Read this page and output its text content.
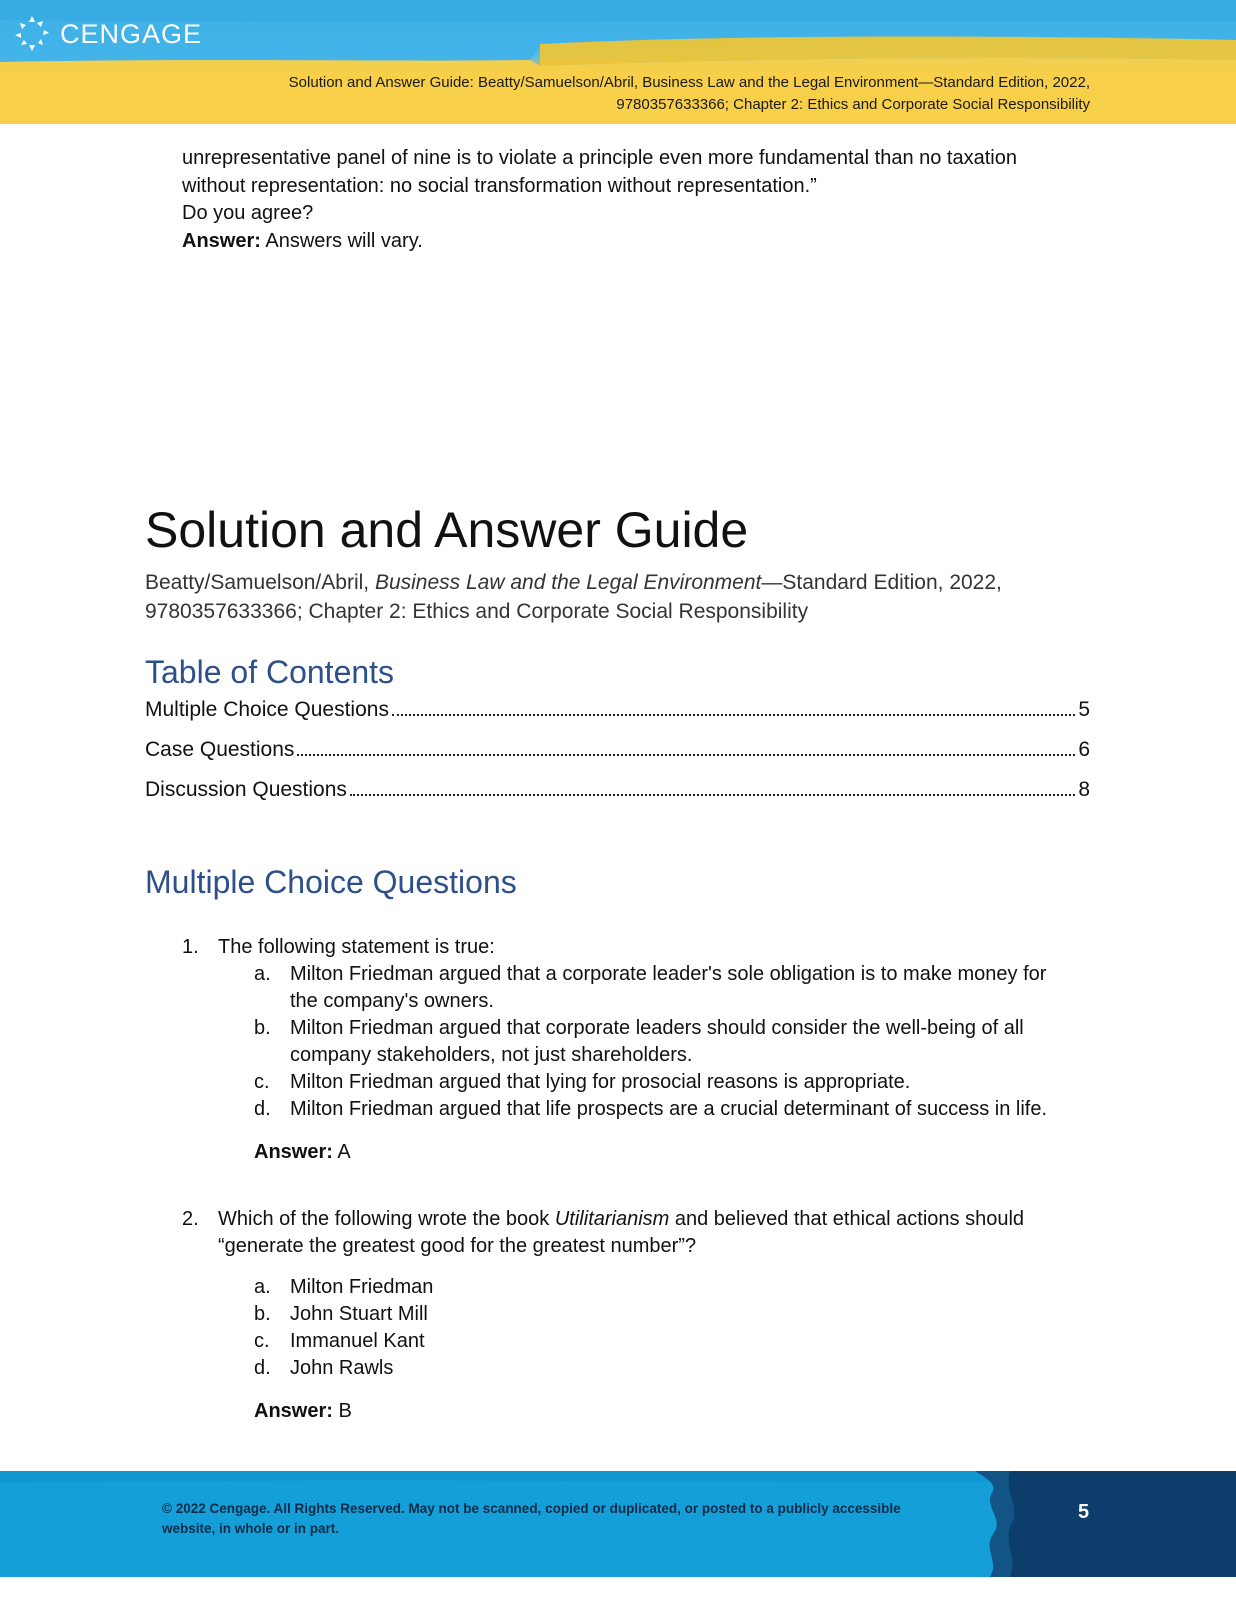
CENGAGE
Solution and Answer Guide: Beatty/Samuelson/Abril, Business Law and the Legal Environment—Standard Edition, 2022,
9780357633366; Chapter 2: Ethics and Corporate Social Responsibility
unrepresentative panel of nine is to violate a principle even more fundamental than no taxation
without representation: no social transformation without representation.”
Do you agree?
Answer: Answers will vary.
Solution and Answer Guide
Beatty/Samuelson/Abril, Business Law and the Legal Environment—Standard Edition, 2022,
9780357633366; Chapter 2: Ethics and Corporate Social Responsibility
Table of Contents
Multiple Choice Questions	5
Case Questions	6
Discussion Questions	8
Multiple Choice Questions
1. The following statement is true:
a. Milton Friedman argued that a corporate leader's sole obligation is to make money for
the company's owners.
b. Milton Friedman argued that corporate leaders should consider the well-being of all
company stakeholders, not just shareholders.
c. Milton Friedman argued that lying for prosocial reasons is appropriate.
d. Milton Friedman argued that life prospects are a crucial determinant of success in life.
Answer: A
2. Which of the following wrote the book Utilitarianism and believed that ethical actions should
“generate the greatest good for the greatest number”?
a. Milton Friedman
b. John Stuart Mill
c. Immanuel Kant
d. John Rawls
Answer: B
© 2022 Cengage. All Rights Reserved. May not be scanned, copied or duplicated, or posted to a publicly accessible
website, in whole or in part.
5
